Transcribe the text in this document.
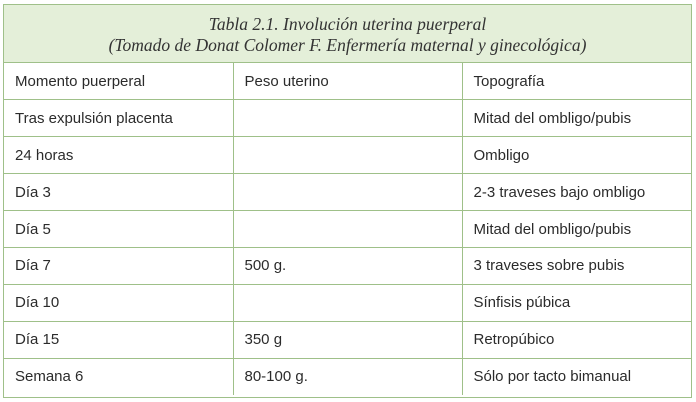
Tabla 2.1. Involución uterina puerperal
(Tomado de Donat Colomer F. Enfermería maternal y ginecológica)
Momento puerperal	Peso uterino	Topografía
Tras expulsión placenta		Mitad del ombligo/pubis
24 horas		Ombligo
Día 3		2-3 traveses bajo ombligo
Día 5		Mitad del ombligo/pubis
Día 7	500 g.	3 traveses sobre pubis
Día 10		Sínfisis púbica
Día 15	350 g	Retropúbico
Semana 6	80-100 g.	Sólo por tacto bimanual
